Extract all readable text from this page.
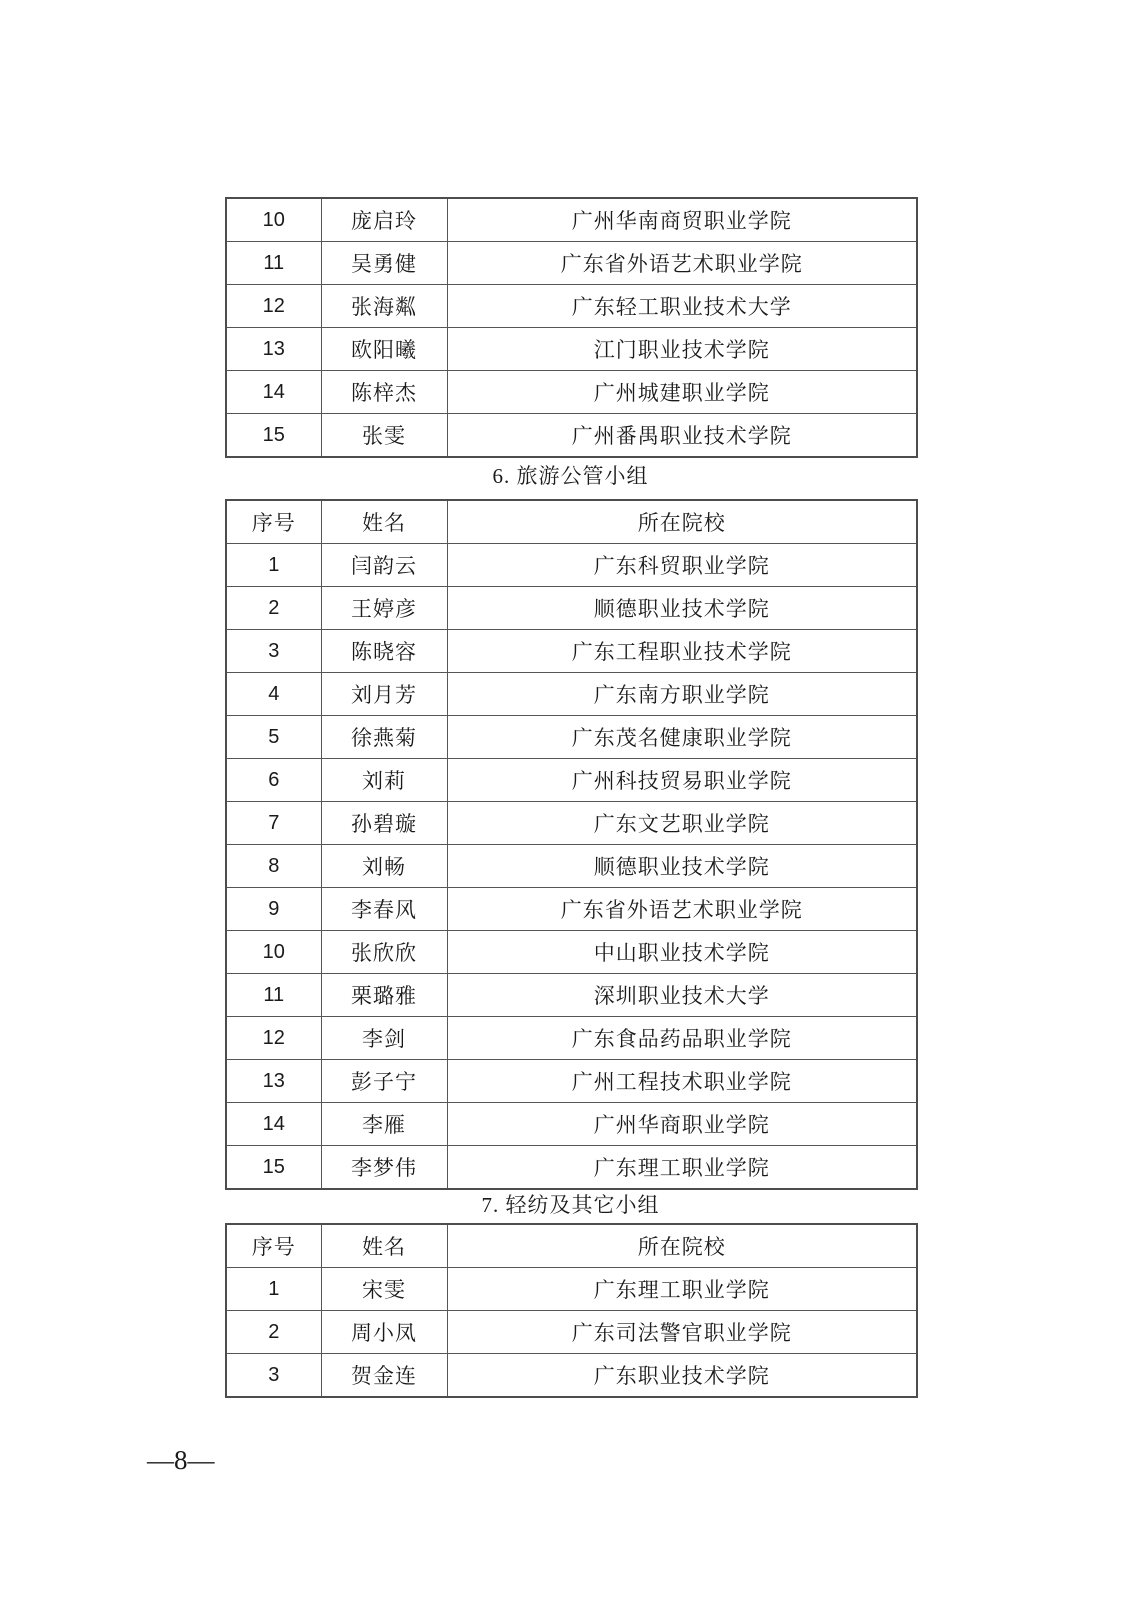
10	庞启玲	广州华南商贸职业学院
11	吴勇健	广东省外语艺术职业学院
12	张海粼	广东轻工职业技术大学
13	欧阳曦	江门职业技术学院
14	陈梓杰	广州城建职业学院
15	张雯	广州番禺职业技术学院
6. 旅游公管小组
序号	姓名	所在院校
1	闫韵云	广东科贸职业学院
2	王婷彦	顺德职业技术学院
3	陈晓容	广东工程职业技术学院
4	刘月芳	广东南方职业学院
5	徐燕菊	广东茂名健康职业学院
6	刘莉	广州科技贸易职业学院
7	孙碧璇	广东文艺职业学院
8	刘畅	顺德职业技术学院
9	李春风	广东省外语艺术职业学院
10	张欣欣	中山职业技术学院
11	栗璐雅	深圳职业技术大学
12	李剑	广东食品药品职业学院
13	彭子宁	广州工程技术职业学院
14	李雁	广州华商职业学院
15	李梦伟	广东理工职业学院
7. 轻纺及其它小组
序号	姓名	所在院校
1	宋雯	广东理工职业学院
2	周小凤	广东司法警官职业学院
3	贺金连	广东职业技术学院
—8—
